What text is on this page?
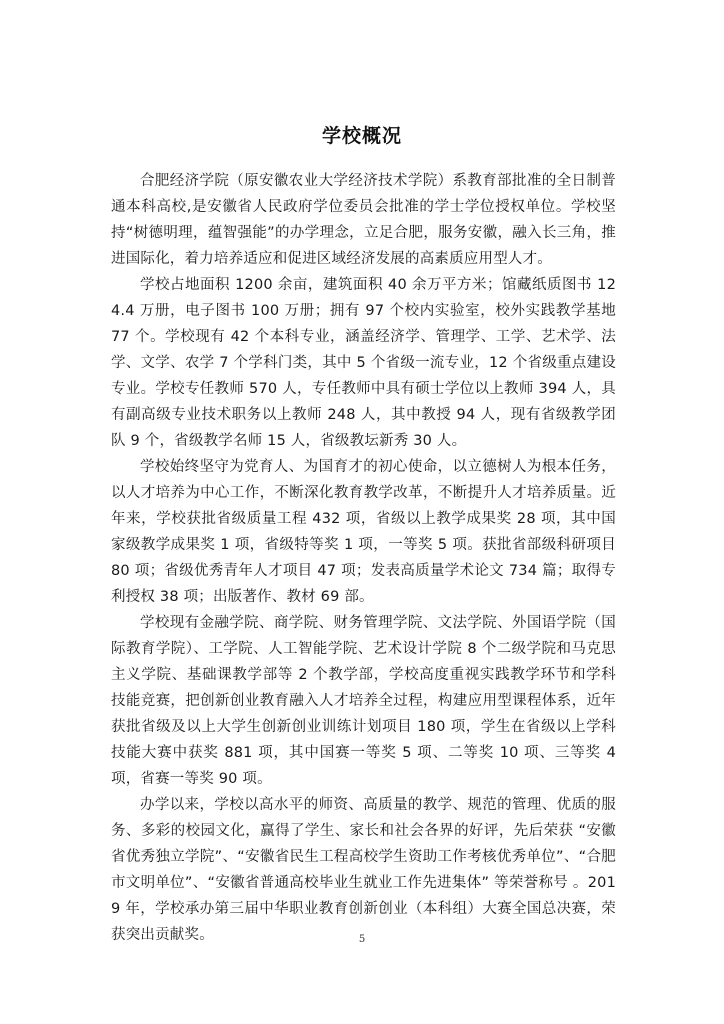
学校概况

合肥经济学院（原安徽农业大学经济技术学院）系教育部批准的全日制普通本科高校,是安徽省人民政府学位委员会批准的学士学位授权单位。学校坚持“树德明理，蕴智强能”的办学理念，立足合肥，服务安徽，融入长三角，推进国际化，着力培养适应和促进区域经济发展的高素质应用型人才。

学校占地面积 1200 余亩，建筑面积 40 余万平方米；馆藏纸质图书 124.4 万册，电子图书 100 万册；拥有 97 个校内实验室，校外实践教学基地 77 个。学校现有 42 个本科专业，涵盖经济学、管理学、工学、艺术学、法学、文学、农学 7 个学科门类，其中 5 个省级一流专业，12 个省级重点建设专业。学校专任教师 570 人，专任教师中具有硕士学位以上教师 394 人，具有副高级专业技术职务以上教师 248 人，其中教授 94 人，现有省级教学团队 9 个，省级教学名师 15 人，省级教坛新秀 30 人。

学校始终坚守为党育人、为国育才的初心使命，以立德树人为根本任务，以人才培养为中心工作，不断深化教育教学改革，不断提升人才培养质量。近年来，学校获批省级质量工程 432 项，省级以上教学成果奖 28 项，其中国家级教学成果奖 1 项，省级特等奖 1 项，一等奖 5 项。获批省部级科研项目 80 项；省级优秀青年人才项目 47 项；发表高质量学术论文 734 篇；取得专利授权 38 项；出版著作、教材 69 部。

学校现有金融学院、商学院、财务管理学院、文法学院、外国语学院（国际教育学院）、工学院、人工智能学院、艺术设计学院 8 个二级学院和马克思主义学院、基础课教学部等 2 个教学部，学校高度重视实践教学环节和学科 技能竞赛，把创新创业教育融入人才培养全过程，构建应用型课程体系，近年获批省级及以上大学生创新创业训练计划项目 180 项，学生在省级以上学科技能大赛中获奖 881 项，其中国赛一等奖 5 项、二等奖 10 项、三等奖 4 项，省赛一等奖 90 项。

办学以来，学校以高水平的师资、高质量的教学、规范的管理、优质的服务、多彩的校园文化，赢得了学生、家长和社会各界的好评，先后荣获 “安徽省优秀独立学院”、“安徽省民生工程高校学生资助工作考核优秀单位”、“合肥市文明单位”、“安徽省普通高校毕业生就业工作先进集体” 等荣誉称号 。2019 年，学校承办第三届中华职业教育创新创业（本科组）大赛全国总决赛，荣获突出贡献奖。	5
